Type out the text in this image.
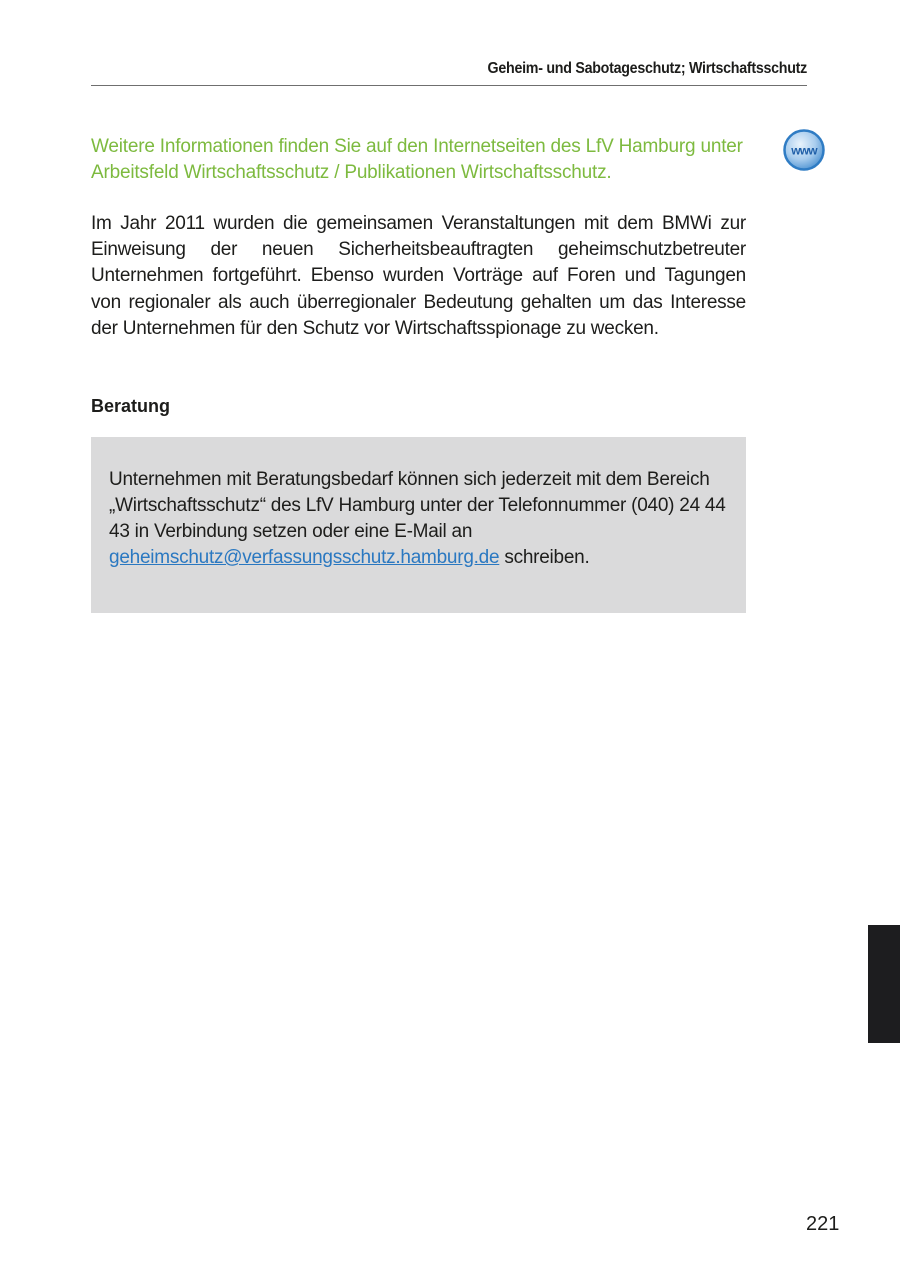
Geheim- und Sabotageschutz; Wirtschaftsschutz
www
Weitere Informationen finden Sie auf den Internetseiten des LfV Hamburg unter Arbeitsfeld Wirtschaftsschutz / Publikationen Wirtschaftsschutz.
Im Jahr 2011 wurden die gemeinsamen Veranstaltungen mit dem BMWi zur Einweisung der neuen Sicherheitsbeauftragten geheimschutzbetreuter Unternehmen fortgeführt. Ebenso wurden Vorträge auf Foren und Tagungen von regionaler als auch überregionaler Bedeutung gehalten um das Interesse der Unternehmen für den Schutz vor Wirtschaftsspionage zu wecken.
Beratung
Unternehmen mit Beratungsbedarf können sich jederzeit mit dem Bereich „Wirtschaftsschutz“ des LfV Hamburg unter der Telefonnummer (040) 24 44 43 in Verbindung setzen oder eine E-Mail an geheimschutz@verfassungsschutz.hamburg.de schreiben.
221
